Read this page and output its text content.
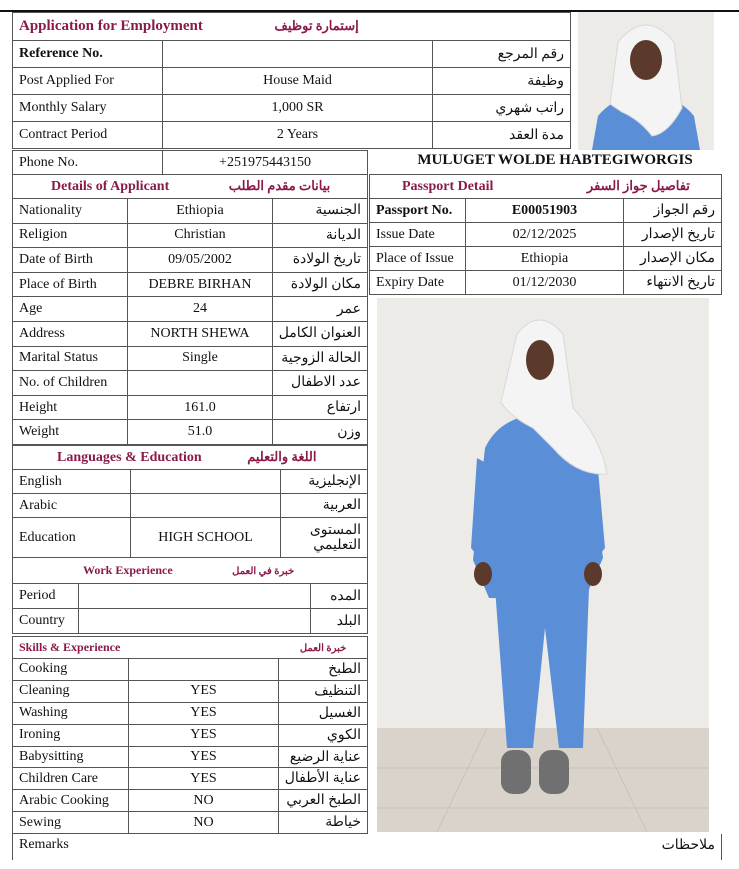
Application for Employment إستمارة توظيف		
Reference No.		رقم المرجع
Post Applied For	House Maid	وظيفة
Monthly Salary	1,000 SR	راتب شهري
Contract Period	2 Years	مدة العقد
Phone No.	+251975443150	MULUGET WOLDE HABTEGIWORGIS
Details of Applicant بيانات مقدم الطلب		
Nationality	Ethiopia	الجنسية
Religion	Christian	الديانة
Date of Birth	09/05/2002	تاريخ الولادة
Place of Birth	DEBRE BIRHAN	مكان الولادة
Age	24	عمر
Address	NORTH SHEWA	العنوان الكامل
Marital Status	Single	الحالة الزوجية
No. of Children		عدد الاطفال
Height	161.0	ارتفاع
Weight	51.0	وزن
Passport Detail تفاصيل جواز السفر		
Passport No.	E00051903	رقم الجواز
Issue Date	02/12/2025	تاريخ الإصدار
Place of Issue	Ethiopia	مكان الإصدار
Expiry Date	01/12/2030	تاريخ الانتهاء
Languages & Education اللغة والتعليم		
English		الإنجليزية
Arabic		العربية
Education	HIGH SCHOOL	المستوى التعليمي
Work Experience خبرة في العمل		
Period		المده
Country		البلد
Skills & Experience خبرة العمل		
Cooking		الطبخ
Cleaning	YES	التنظيف
Washing	YES	الغسيل
Ironing	YES	الكوي
Babysitting	YES	عناية الرضيع
Children Care	YES	عناية الأطفال
Arabic Cooking	NO	الطبخ العربي
Sewing	NO	خياطة
Remarks	ملاحظات
